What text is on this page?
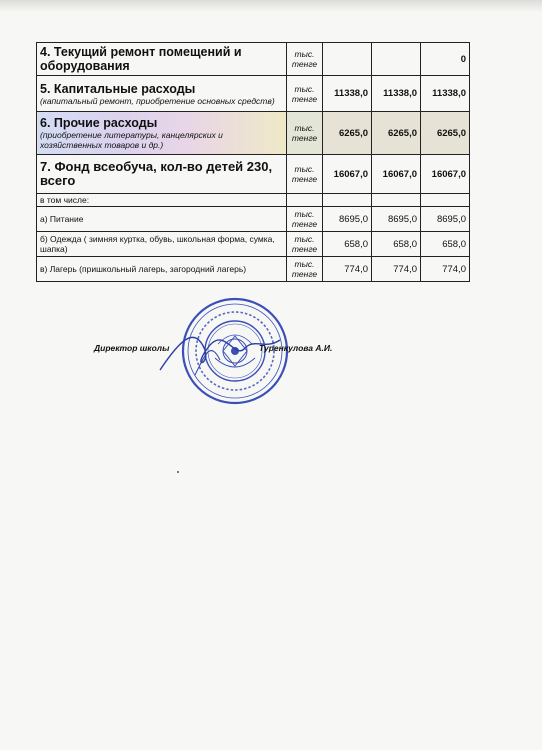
4. Текущий ремонт помещений и оборудования	тыс. тенге			0

5. Капитальные расходы
(капитальный ремонт, приобретение основных средств)	тыс. тенге	11338,0	11338,0	11338,0

6. Прочие расходы
(приобретение литературы, канцелярских и хозяйственных товаров и др.)	тыс. тенге	6265,0	6265,0	6265,0

7. Фонд всеобуча, кол-во детей 230, всего	тыс. тенге	16067,0	16067,0	16067,0
в том числе:				
а) Питание	тыс. тенге	8695,0	8695,0	8695,0
б) Одежда ( зимняя куртка, обувь, школьная форма, сумка, шапка)	тыс. тенге	658,0	658,0	658,0
в) Лагерь (пришкольный лагерь, загородний лагерь)	тыс. тенге	774,0	774,0	774,0
Директор школы	Туренкулова А.И.
